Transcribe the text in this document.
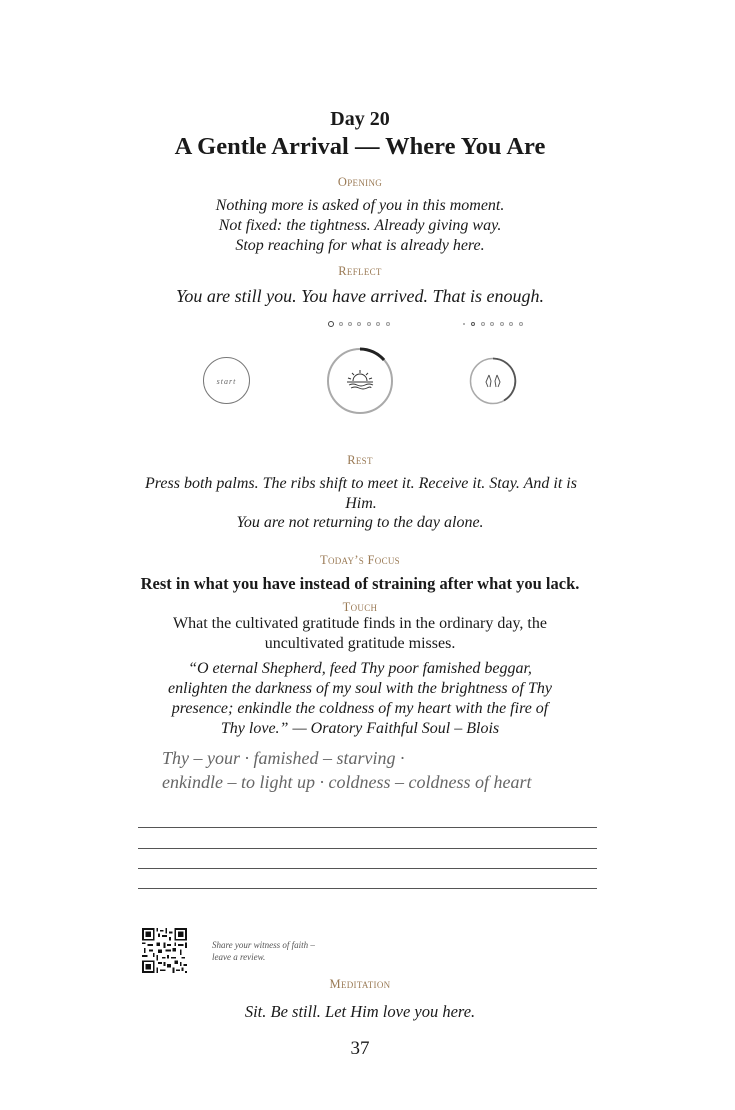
Day 20
A Gentle Arrival — Where You Are
Opening
Nothing more is asked of you in this moment.
Not fixed: the tightness. Already giving way.
Stop reaching for what is already here.
Reflect
You are still you. You have arrived. That is enough.
start
Rest
Press both palms. The ribs shift to meet it. Receive it. Stay. And it is Him.
You are not returning to the day alone.
Today’s Focus
Rest in what you have instead of straining after what you lack.
Touch
What the cultivated gratitude finds in the ordinary day, the uncultivated gratitude misses.
“O eternal Shepherd, feed Thy poor famished beggar, enlighten the darkness of my soul with the brightness of Thy presence; enkindle the coldness of my heart with the fire of Thy love.” — Oratory Faithful Soul – Blois
Thy – your · famished – starving ·
enkindle – to light up · coldness – coldness of heart
Share your witness of faith –
leave a review.
Meditation
Sit. Be still. Let Him love you here.
37
